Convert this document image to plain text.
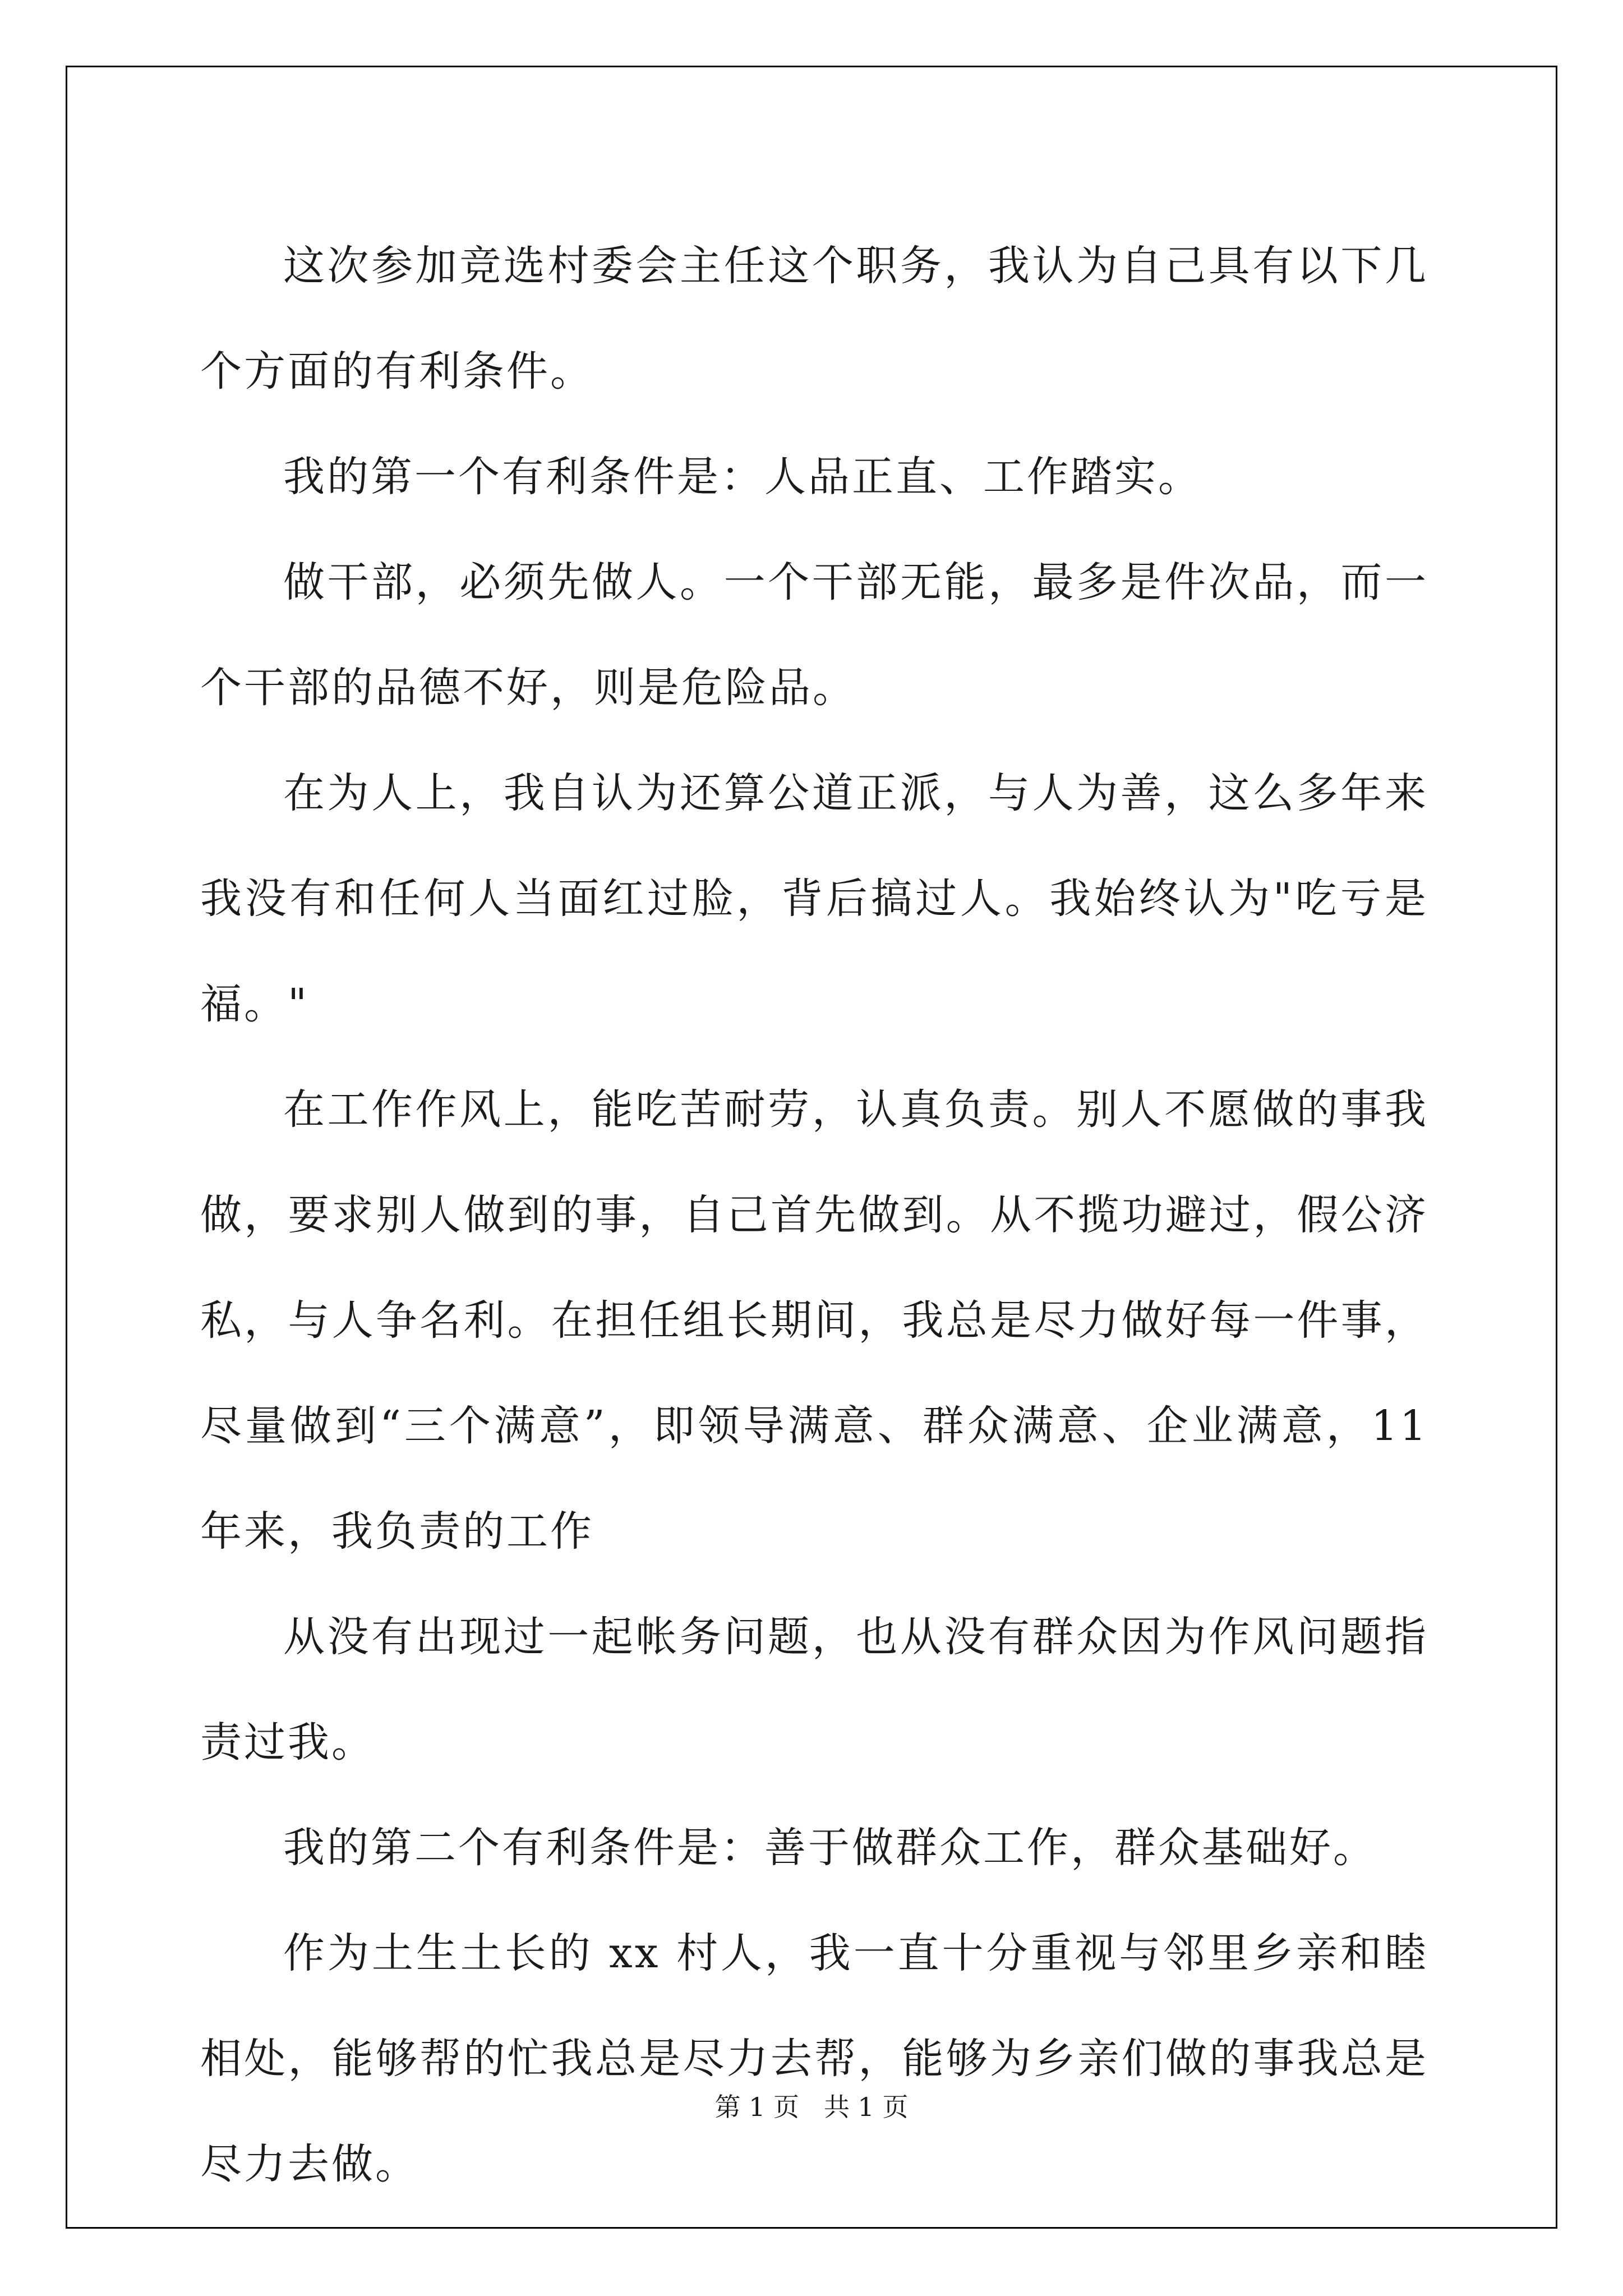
这次参加竞选村委会主任这个职务，我认为自己具有以下几个方面的有利条件。

我的第一个有利条件是：人品正直、工作踏实。

做干部，必须先做人。一个干部无能，最多是件次品，而一个干部的品德不好，则是危险品。

在为人上，我自认为还算公道正派，与人为善，这么多年来我没有和任何人当面红过脸，背后搞过人。我始终认为"吃亏是福。"

在工作作风上，能吃苦耐劳，认真负责。别人不愿做的事我做，要求别人做到的事，自己首先做到。从不揽功避过，假公济私，与人争名利。在担任组长期间，我总是尽力做好每一件事，尽量做到“三个满意”，即领导满意、群众满意、企业满意，11 年来，我负责的工作

从没有出现过一起帐务问题，也从没有群众因为作风问题指责过我。

我的第二个有利条件是：善于做群众工作，群众基础好。

作为土生土长的 xx 村人，我一直十分重视与邻里乡亲和睦相处，能够帮的忙我总是尽力去帮，能够为乡亲们做的事我总是尽力去做。

第 1 页 共 1 页
